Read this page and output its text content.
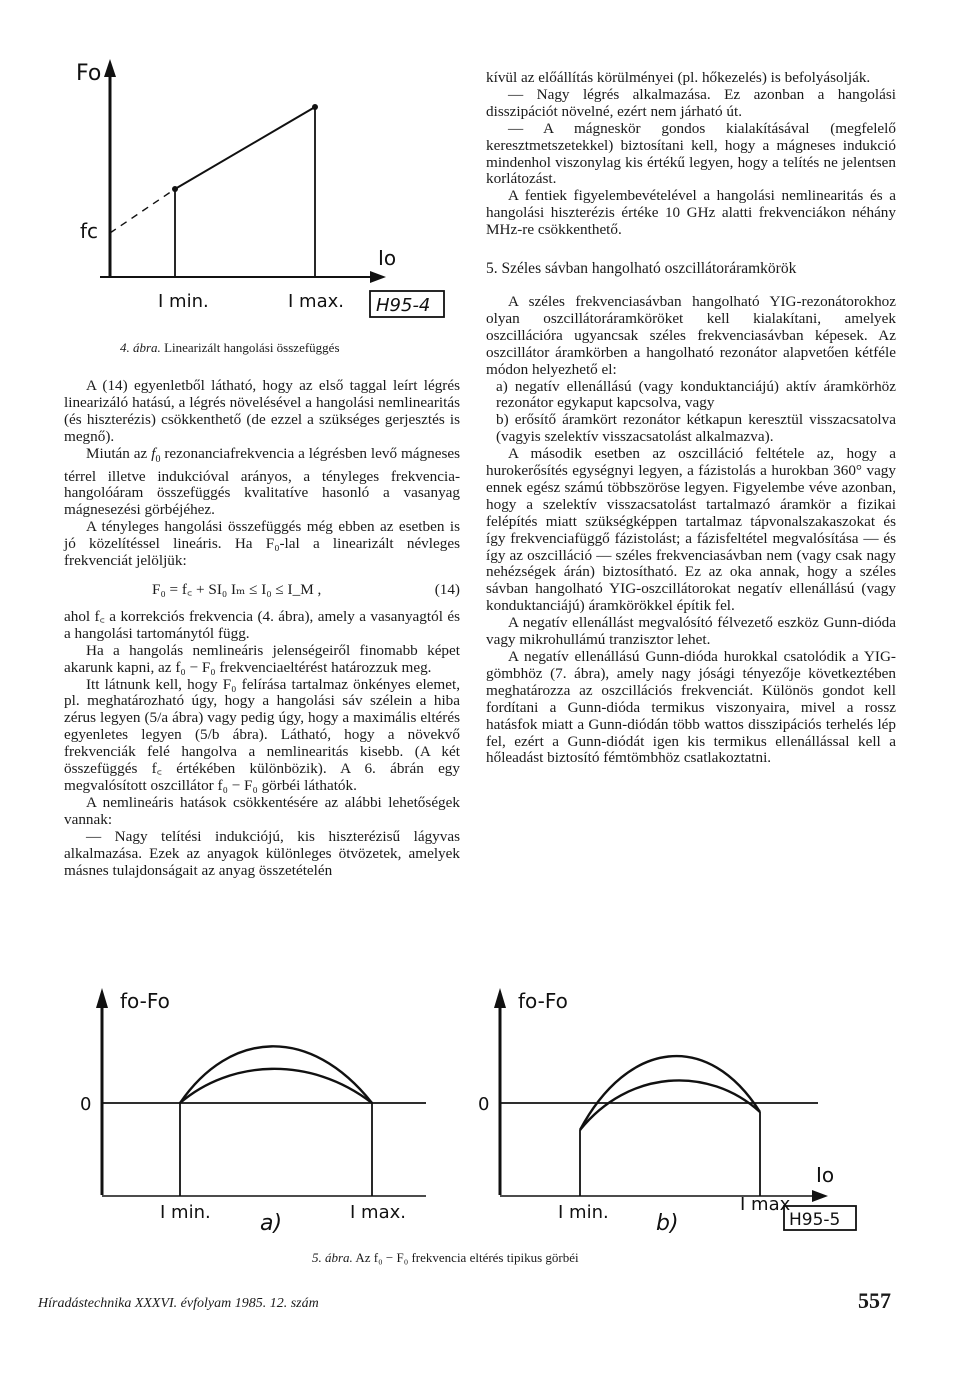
Fo
fc
Io
I min.	I max. H95-4
4. ábra. Linearizált hangolási összefüggés

A (14) egyenletből látható, hogy az első taggal leírt légrés linearizáló hatású, a légrés növelésével a hangolási nemlinearitás (és hiszterézis) csökkenthető (de ezzel a szükséges gerjesztés is megnő).

Miután az $f_0$ rezonanciafrekvencia a légrésben levő mágneses térrel illetve indukcióval arányos, a tényleges frekvencia-hangolóáram összefüggés kvalitatíve hasonló a vasanyag mágnesezési görbéjéhez.

A tényleges hangolási összefüggés még ebben az esetben is jó közelítéssel lineáris. Ha F₀-lal a linearizált névleges frekvenciát jelöljük:

F₀ = f꜀ + SI₀ Iₘ ≤ I₀ ≤ I_M ,	(14)

ahol f꜀ a korrekciós frekvencia (4. ábra), amely a vasanyagtól és a hangolási tartománytól függ.

Ha a hangolás nemlineáris jelenségeiről finomabb képet akarunk kapni, az f₀ − F₀ frekvenciaeltérést határozzuk meg.

Itt látnunk kell, hogy F₀ felírása tartalmaz önkényes elemet, pl. meghatározható úgy, hogy a hangolási sáv szélein a hiba zérus legyen (5/a ábra) vagy pedig úgy, hogy a maximális eltérés egyenletes legyen (5/b ábra). Látható, hogy a növekvő frekvenciák felé hangolva a nemlinearitás kisebb. (A két összefüggés f꜀ értékében különbözik). A 6. ábrán egy megvalósított oszcillátor f₀ − F₀ görbéi láthatók.

A nemlineáris hatások csökkentésére az alábbi lehetőségek vannak:

— Nagy telítési indukciójú, kis hiszterézisű lágyvas alkalmazása. Ezek az anyagok különleges ötvözetek, amelyek másnes tulajdonságait az anyag összetételén

kívül az előállítás körülményei (pl. hőkezelés) is befolyásolják.

— Nagy légrés alkalmazása. Ez azonban a hangolási disszipációt növelné, ezért nem járható út.

— A mágneskör gondos kialakításával (megfelelő keresztmetszetekkel) biztosítani kell, hogy a mágneses indukció mindenhol viszonylag kis értékű legyen, hogy a telítés ne jelentsen korlátozást.

A fentiek figyelembevételével a hangolási nemlinearitás és a hangolási hiszterézis értéke 10 GHz alatti frekvenciákon néhány MHz-re csökkenthető.

5. Széles sávban hangolható oszcillátoráramkörök

A széles frekvenciasávban hangolható YIG-rezonátorokhoz olyan oszcillátoráramköröket kell kialakítani, amelyek oszcillációra ugyancsak széles frekvenciasávban képesek. Az oszcillátor áramkörben a hangolható rezonátor alapvetően kétféle módon helyezhető el:

a) negatív ellenállású (vagy konduktanciájú) aktív áramkörhöz rezonátor egykaput kapcsolva, vagy

b) erősítő áramkört rezonátor kétkapun keresztül visszacsatolva (vagyis szelektív visszacsatolást alkalmazva).

A második esetben az oszcilláció feltétele az, hogy a hurokerősítés egységnyi legyen, a fázistolás a hurokban 360° vagy ennek egész számú többszöröse legyen. Figyelembe véve azonban, hogy a szelektív visszacsatolást tartalmazó áramkör a fizikai felépítés miatt szükségképpen tartalmaz tápvonalszakaszokat és így frekvenciafüggő fázistolást; a fázisfeltétel megvalósítása — és így az oszcilláció — széles frekvenciasávban nem (vagy csak nagy nehézségek árán) biztosítható. Ez az oka annak, hogy a széles sávban hangolható YIG-oszcillátorokat negatív ellenállású (vagy konduktanciájú) áramkörökkel építik fel.

A negatív ellenállást megvalósító félvezető eszköz Gunn-dióda vagy mikrohullámú tranzisztor lehet.

A negatív ellenállású Gunn-dióda hurokkal csatolódik a YIG-gömbhöz (7. ábra), amely nagy jósági tényezője következtében meghatározza az oszcillációs frekvenciát. Különös gondot kell fordítani a Gunn-dióda termikus viszonyaira, mivel a rossz hatásfok miatt a Gunn-diódán több wattos disszipációs terhelés lép fel, ezért a Gunn-diódát igen kis termikus ellenállással kell a hőleadást biztosító fémtömbhöz csatlakoztatni.

fo-Fo
0
I min.	I max.
a)
fo-Fo
0
Io
I min.	I max
b)	H95-5
5. ábra. Az f₀ − F₀ frekvencia eltérés tipikus görbéi
Híradástechnika XXXVI. évfolyam 1985. 12. szám	557
